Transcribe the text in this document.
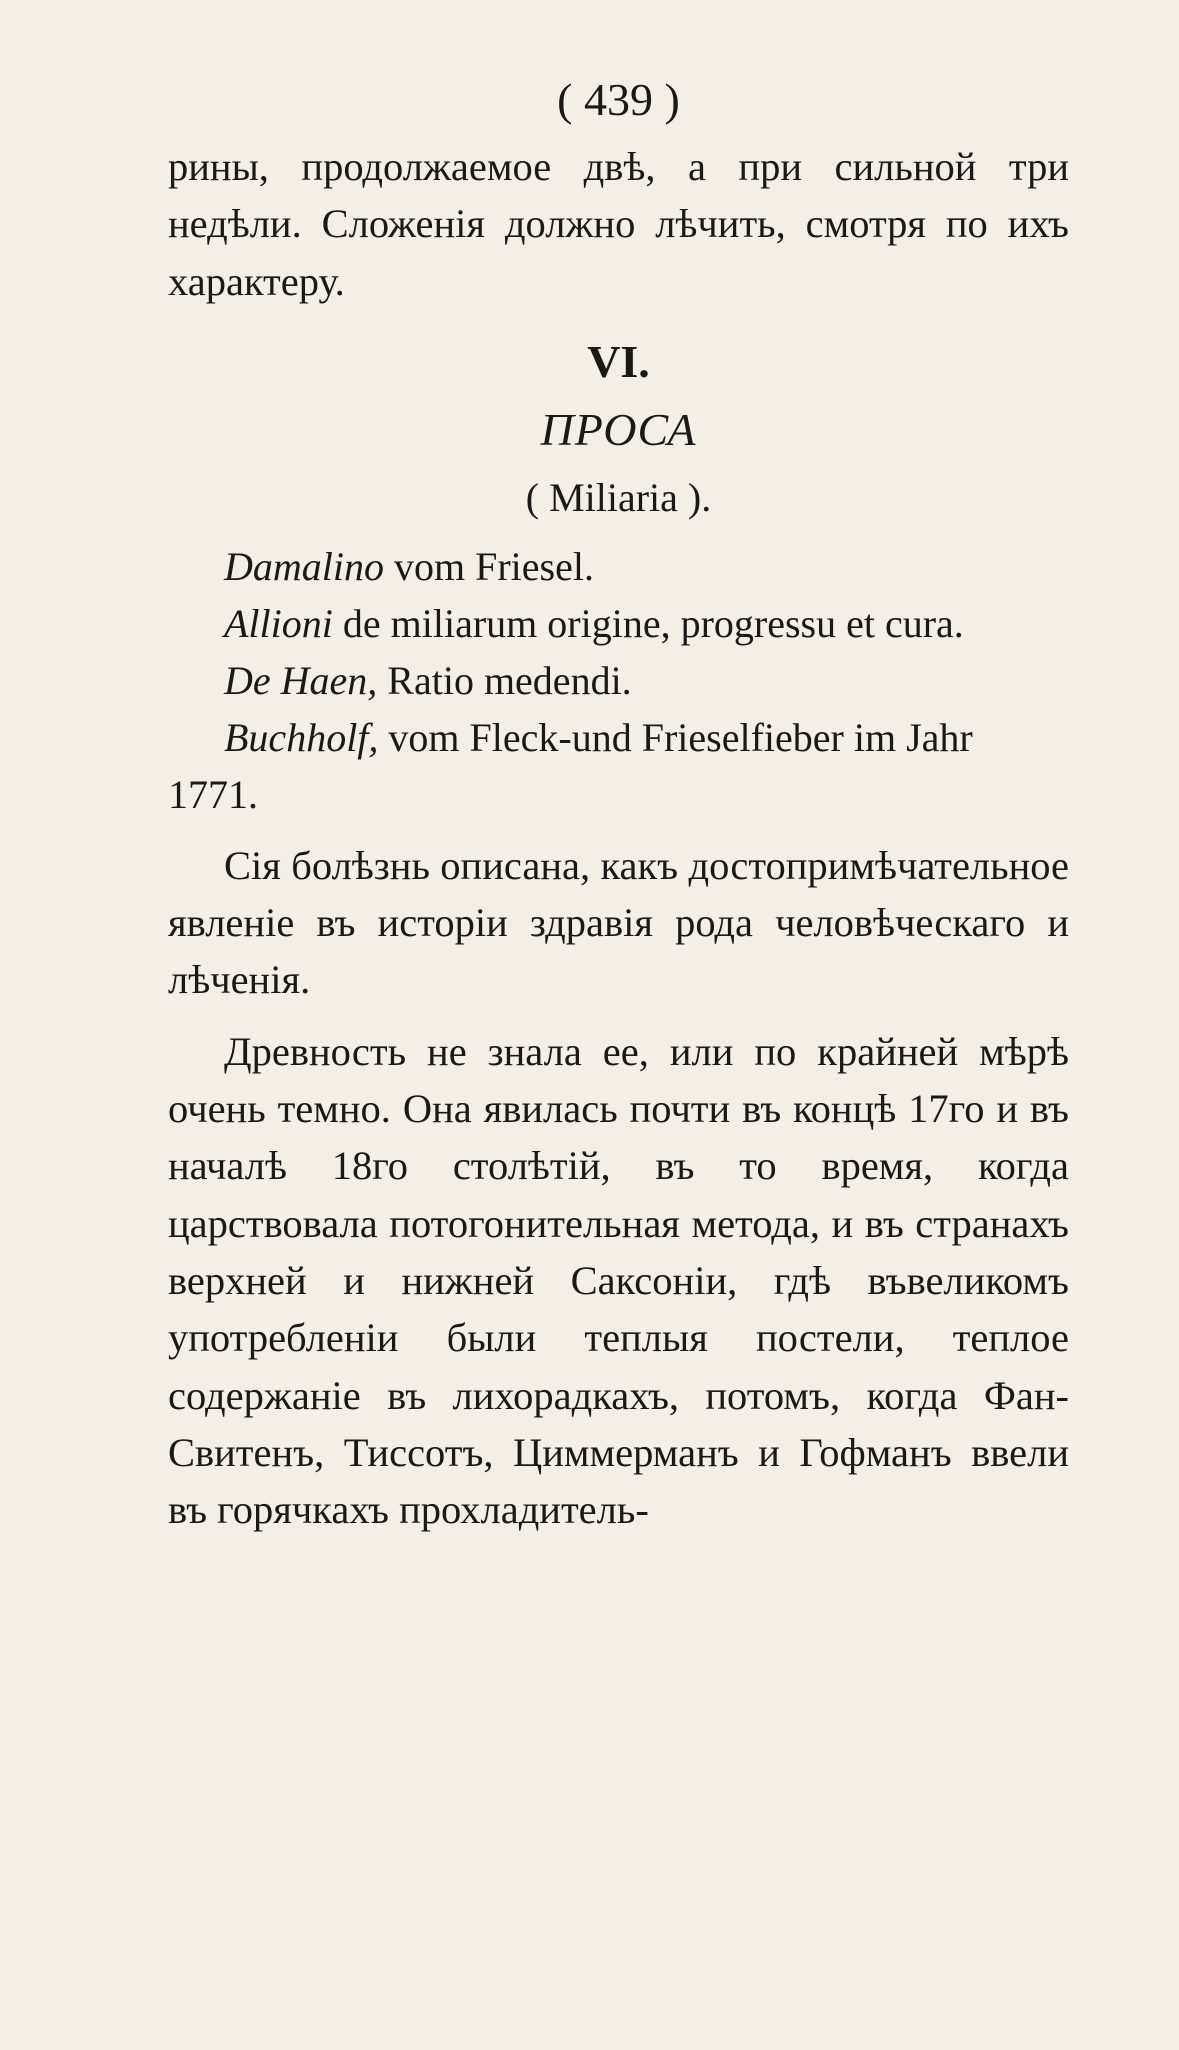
( 439 )

рины, продолжаемое двѣ, а при сильной три недѣли. Сложенія должно лѣчить, смотря по ихъ характеру.

VI.
ПРОСА
( Miliaria ).

Damalino vom Friesel.

Allioni de miliarum origine, progressu et cura.

De Haen, Ratio medendi.

Buchholf, vom Fleck-und Frieselfieber im Jahr 1771.

Сія болѣзнь описана, какъ достопримѣчательное явленіе въ исторіи здравія рода человѣческаго и лѣченія.

Древность не знала ее, или по крайней мѣрѣ очень темно. Она явилась почти въ концѣ 17го и въ началѣ 18го столѣтій, въ то время, когда царствовала потогонительная метода, и въ странахъ верхней и нижней Саксоніи, гдѣ въвеликомъ употребленіи были теплыя постели, теплое содержаніе въ лихорадкахъ, потомъ, когда Фан-Свитенъ, Тиссотъ, Циммерманъ и Гофманъ ввели въ горячкахъ прохладитель-
